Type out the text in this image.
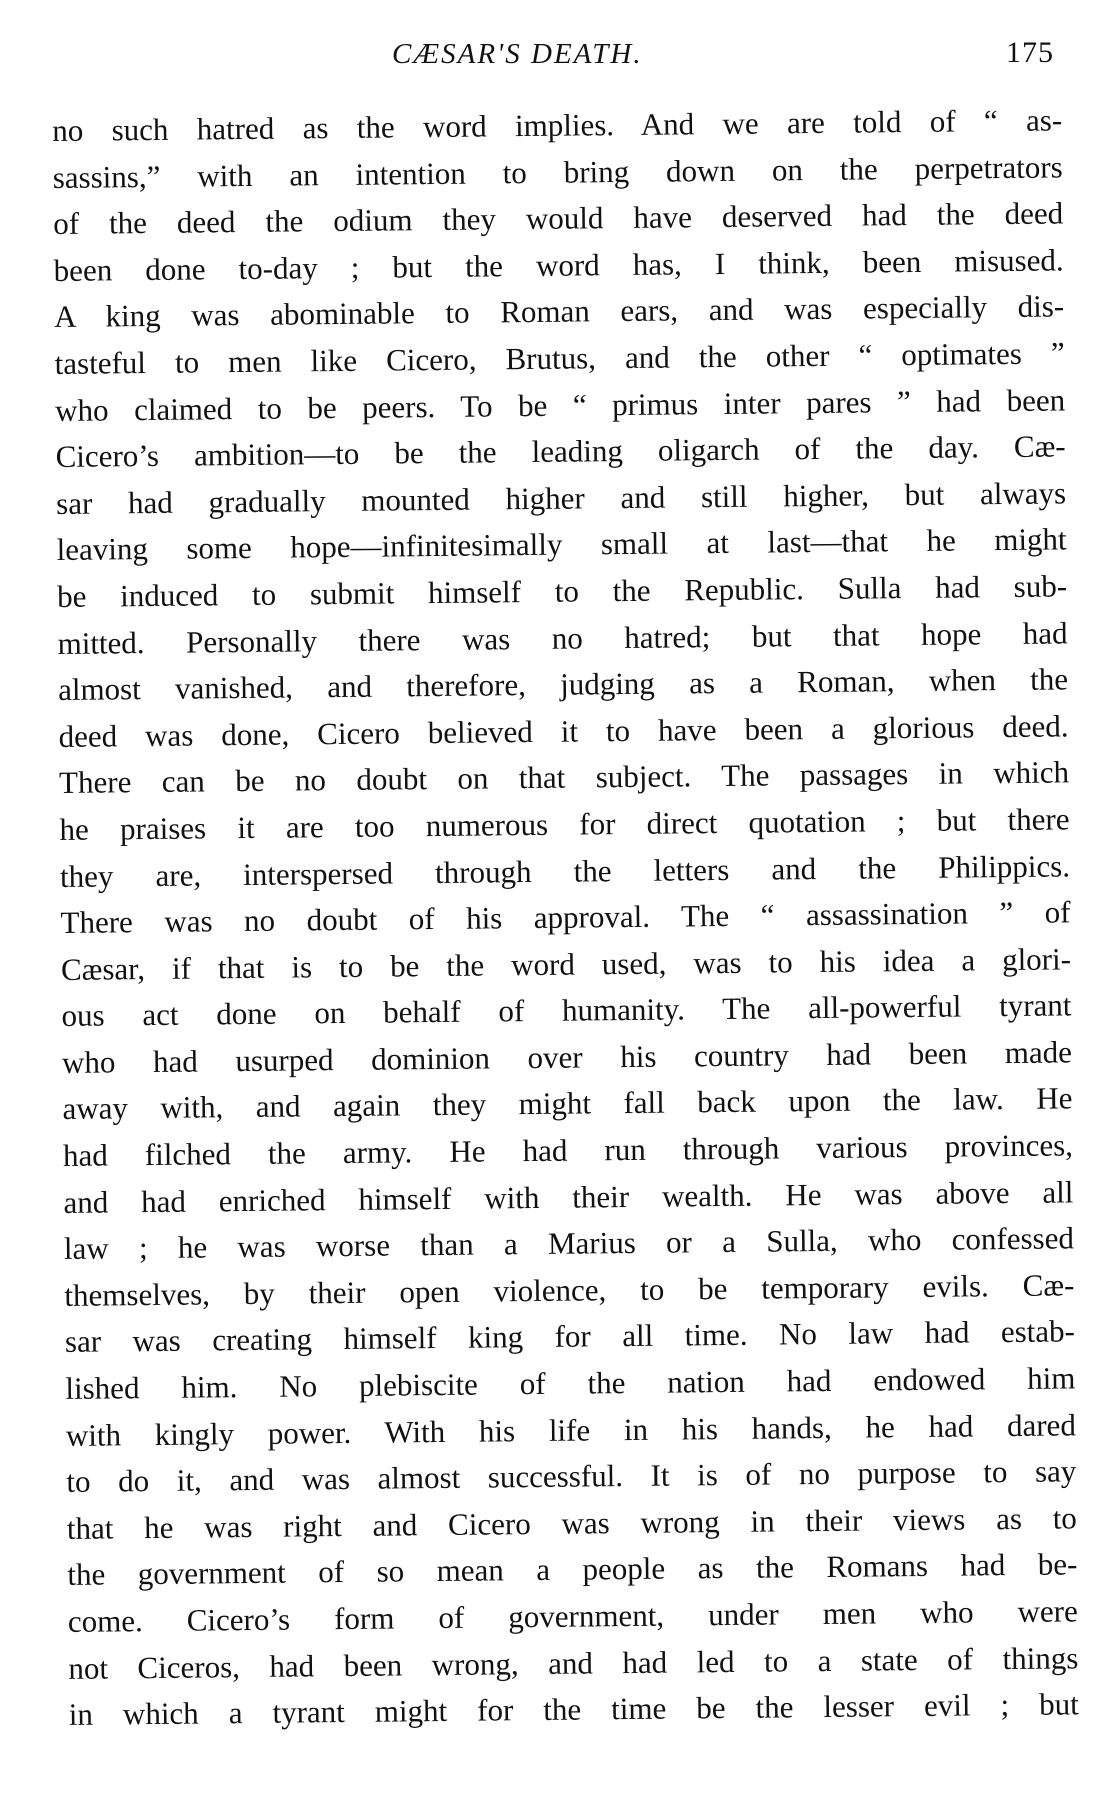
CÆSAR'S DEATH.	175
no such hatred as the word implies. And we are told of “ as-
sassins,” with an intention to bring down on the perpetrators
of the deed the odium they would have deserved had the deed
been done to-day ; but the word has, I think, been misused.
A king was abominable to Roman ears, and was especially dis-
tasteful to men like Cicero, Brutus, and the other “ optimates ”
who claimed to be peers. To be “ primus inter pares ” had been
Cicero’s ambition—to be the leading oligarch of the day. Cæ-
sar had gradually mounted higher and still higher, but always
leaving some hope—infinitesimally small at last—that he might
be induced to submit himself to the Republic. Sulla had sub-
mitted. Personally there was no hatred; but that hope had
almost vanished, and therefore, judging as a Roman, when the
deed was done, Cicero believed it to have been a glorious deed.
There can be no doubt on that subject. The passages in which
he praises it are too numerous for direct quotation ; but there
they are, interspersed through the letters and the Philippics.
There was no doubt of his approval. The “ assassination ” of
Cæsar, if that is to be the word used, was to his idea a glori-
ous act done on behalf of humanity. The all-powerful tyrant
who had usurped dominion over his country had been made
away with, and again they might fall back upon the law. He
had filched the army. He had run through various provinces,
and had enriched himself with their wealth. He was above all
law ; he was worse than a Marius or a Sulla, who confessed
themselves, by their open violence, to be temporary evils. Cæ-
sar was creating himself king for all time. No law had estab-
lished him. No plebiscite of the nation had endowed him
with kingly power. With his life in his hands, he had dared
to do it, and was almost successful. It is of no purpose to say
that he was right and Cicero was wrong in their views as to
the government of so mean a people as the Romans had be-
come. Cicero’s form of government, under men who were
not Ciceros, had been wrong, and had led to a state of things
in which a tyrant might for the time be the lesser evil ; but
